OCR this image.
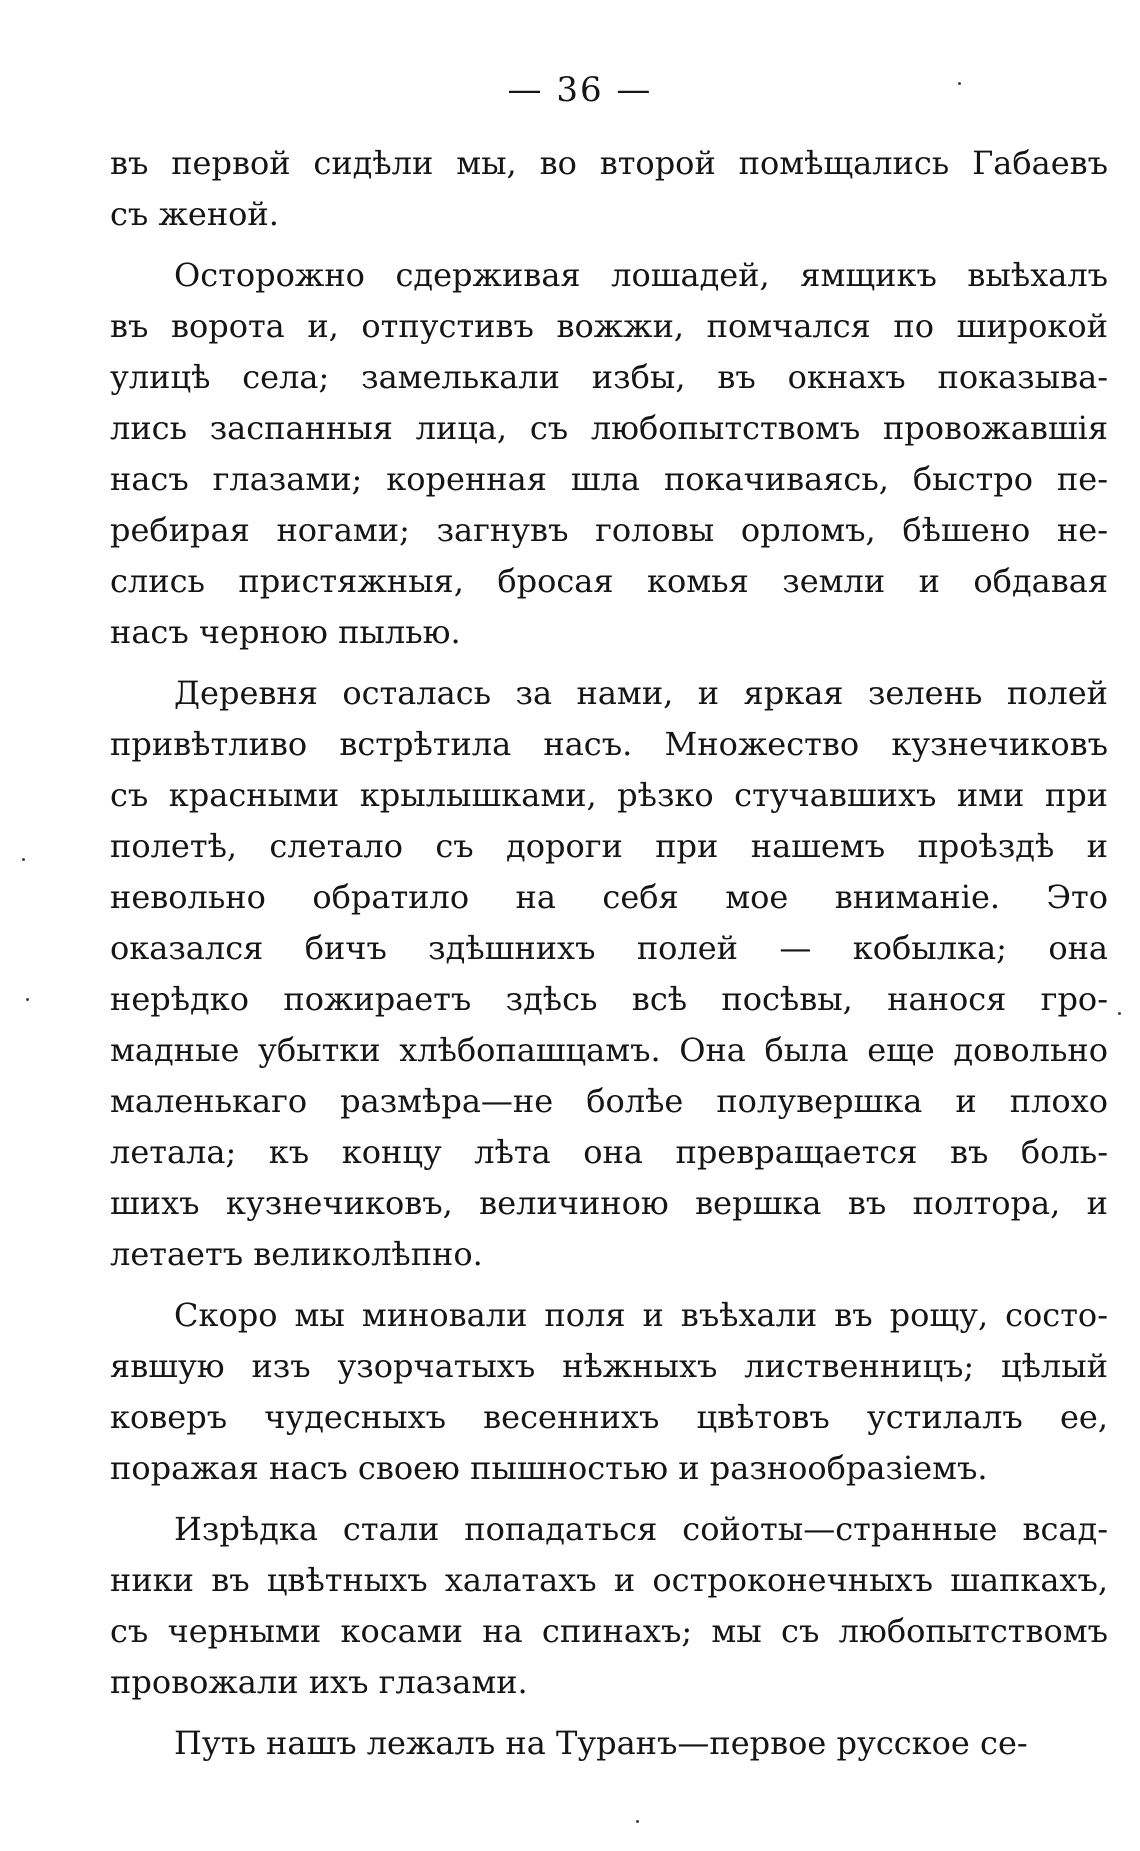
— 36 —
въ первой сидѣли мы, во второй помѣщались Габаевъ
съ женой.
Осторожно сдерживая лошадей, ямщикъ выѣхалъ
въ ворота и, отпустивъ вожжи, помчался по широкой
улицѣ села; замелькали избы, въ окнахъ показыва-
лись заспанныя лица, съ любопытствомъ провожавшія
насъ глазами; коренная шла покачиваясь, быстро пе-
ребирая ногами; загнувъ головы орломъ, бѣшено не-
слись пристяжныя, бросая комья земли и обдавая
насъ черною пылью.
Деревня осталась за нами, и яркая зелень полей
привѣтливо встрѣтила насъ. Множество кузнечиковъ
съ красными крылышками, рѣзко стучавшихъ ими при
полетѣ, слетало съ дороги при нашемъ проѣздѣ и
невольно обратило на себя мое вниманіе. Это
оказался бичъ здѣшнихъ полей — кобылка; она
нерѣдко пожираетъ здѣсь всѣ посѣвы, нанося гро-
мадные убытки хлѣбопашцамъ. Она была еще довольно
маленькаго размѣра—не болѣе полувершка и плохо
летала; къ концу лѣта она превращается въ боль-
шихъ кузнечиковъ, величиною вершка въ полтора, и
летаетъ великолѣпно.
Скоро мы миновали поля и въѣхали въ рощу, состо-
явшую изъ узорчатыхъ нѣжныхъ лиственницъ; цѣлый
коверъ чудесныхъ весеннихъ цвѣтовъ устилалъ ее,
поражая насъ своею пышностью и разнообразіемъ.
Изрѣдка стали попадаться сойоты—странные всад-
ники въ цвѣтныхъ халатахъ и остроконечныхъ шапкахъ,
съ черными косами на спинахъ; мы съ любопытствомъ
провожали ихъ глазами.
Путь нашъ лежалъ на Туранъ—первое русское се-
